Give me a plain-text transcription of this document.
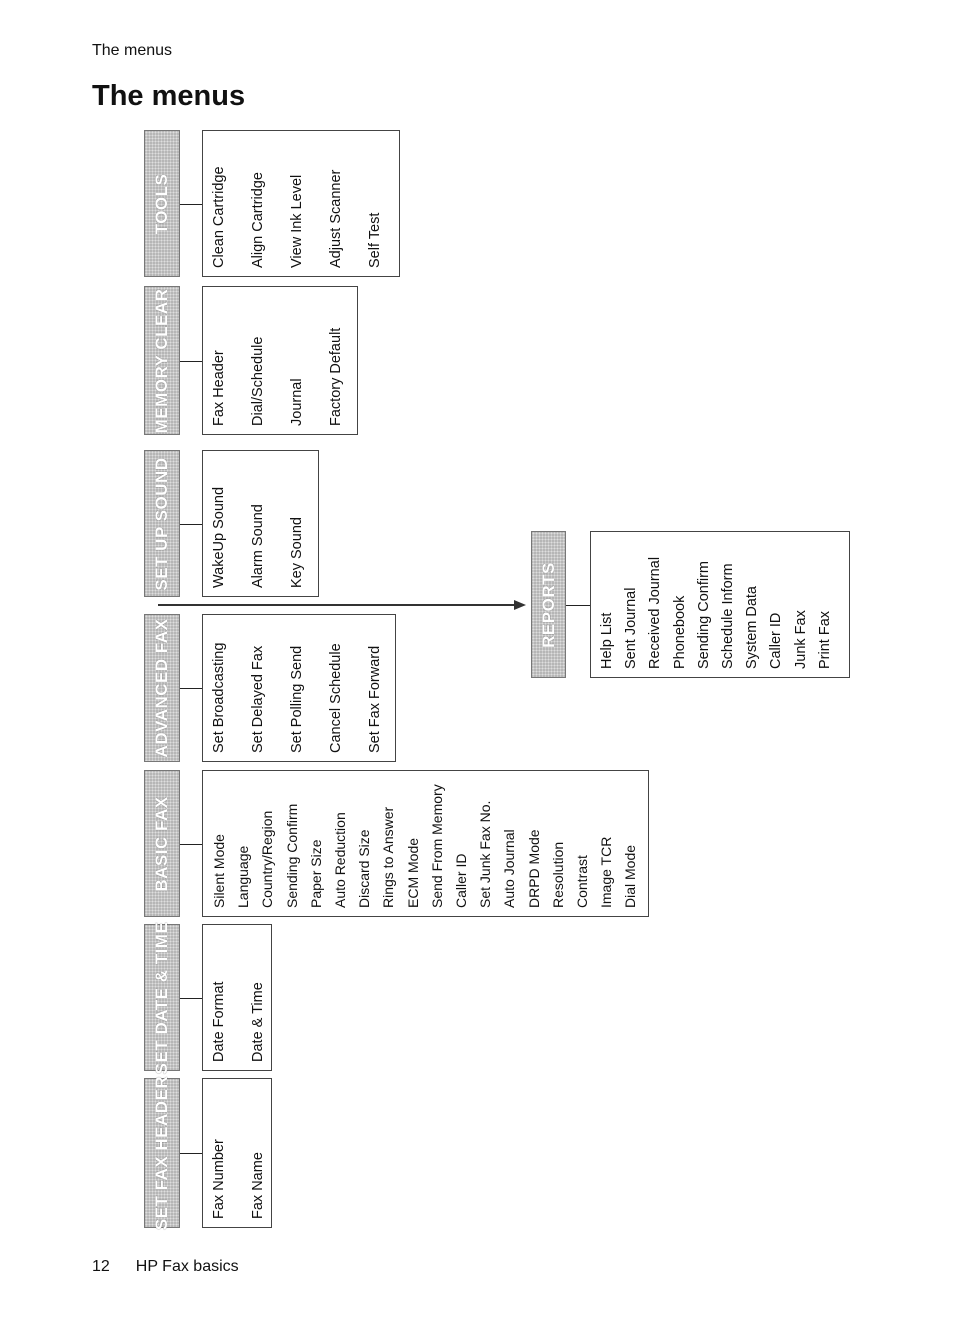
The menus
The menus
SET FAX HEADER	Fax Number Fax Name
SET DATE & TIME	Date Format Date & Time
BASIC FAX	Silent Mode Language Country/Region Sending Confirm Paper Size Auto Reduction Discard Size Rings to Answer ECM Mode Send From Memory Caller ID Set Junk Fax No. Auto Journal DRPD Mode Resolution Contrast Image TCR Dial Mode
ADVANCED FAX	Set Broadcasting Set Delayed Fax Set Polling Send Cancel Schedule Set Fax Forward
SET UP SOUND	WakeUp Sound Alarm Sound Key Sound
MEMORY CLEAR	Fax Header Dial/Schedule Journal Factory Default
TOOLS	Clean Cartridge Align Cartridge View Ink Level Adjust Scanner Self Test
REPORTS	Help List Sent Journal Received Journal Phonebook Sending Confirm Schedule Inform System Data Caller ID Junk Fax Print Fax
12 HP Fax basics
